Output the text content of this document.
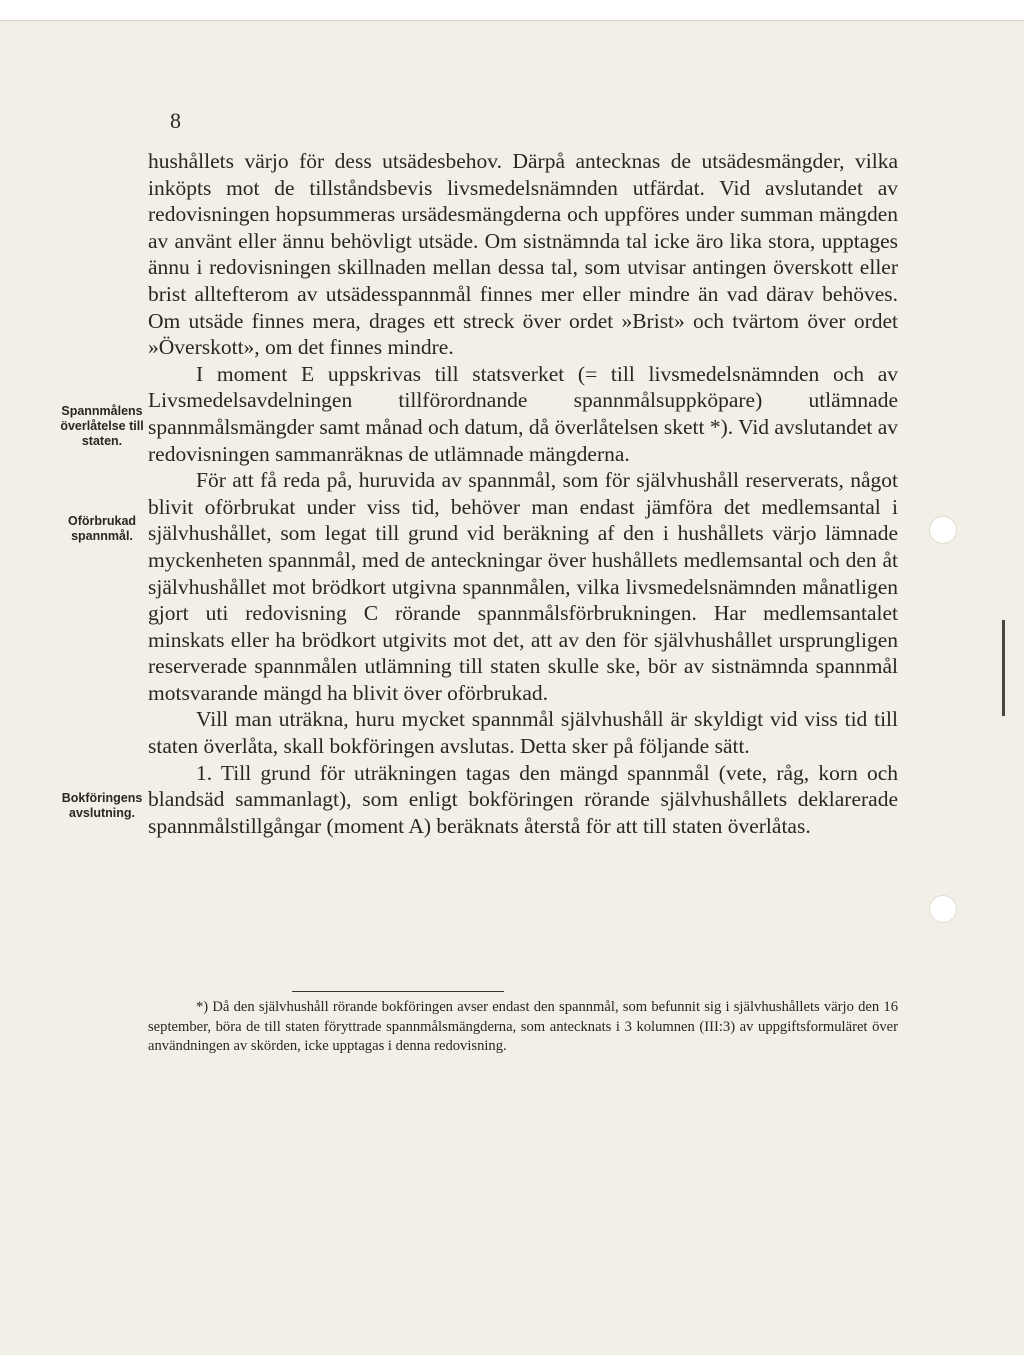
8

hushållets värjo för dess utsädesbehov. Därpå antecknas de utsädesmängder, vilka inköpts mot de tillståndsbevis livsmedelsnämnden utfärdat. Vid avslutandet av redovisningen hopsummeras ursädesmängderna och uppföres under summan mängden av använt eller ännu behövligt utsäde. Om sistnämnda tal icke äro lika stora, upptages ännu i redovisningen skillnaden mellan dessa tal, som utvisar antingen överskott eller brist alltefterom av utsädesspannmål finnes mer eller mindre än vad därav behöves. Om utsäde finnes mera, drages ett streck över ordet »Brist» och tvärtom över ordet »Överskott», om det finnes mindre.

I moment E uppskrivas till statsverket (= till livsmedelsnämnden och av Livsmedelsavdelningen tillförordnande spannmålsuppköpare) utlämnade spannmålsmängder samt månad och datum, då överlåtelsen skett *). Vid avslutandet av redovisningen sammanräknas de utlämnade mängderna.

För att få reda på, huruvida av spannmål, som för självhushåll reserverats, något blivit oförbrukat under viss tid, behöver man endast jämföra det medlemsantal i självhushållet, som legat till grund vid beräkning af den i hushållets värjo lämnade myckenheten spannmål, med de anteckningar över hushållets medlemsantal och den åt självhushållet mot brödkort utgivna spannmålen, vilka livsmedelsnämnden månatligen gjort uti redovisning C rörande spannmålsförbrukningen. Har medlemsantalet minskats eller ha brödkort utgivits mot det, att av den för självhushållet ursprungligen reserverade spannmålen utlämning till staten skulle ske, bör av sistnämnda spannmål motsvarande mängd ha blivit över oförbrukad.

Vill man uträkna, huru mycket spannmål självhushåll är skyldigt vid viss tid till staten överlåta, skall bokföringen avslutas. Detta sker på följande sätt.

1. Till grund för uträkningen tagas den mängd spannmål (vete, råg, korn och blandsäd sammanlagt), som enligt bokföringen rörande självhushållets deklarerade spannmålstillgångar (moment A) beräknats återstå för att till staten överlåtas.

Spannmålens överlåtelse till staten.
Oförbrukad spannmål.
Bokföringens avslutning.
*) Då den självhushåll rörande bokföringen avser endast den spannmål, som befunnit sig i självhushållets värjo den 16 september, böra de till staten föryttrade spannmålsmängderna, som antecknats i 3 kolumnen (III:3) av uppgiftsformuläret över användningen av skörden, icke upptagas i denna redovisning.
